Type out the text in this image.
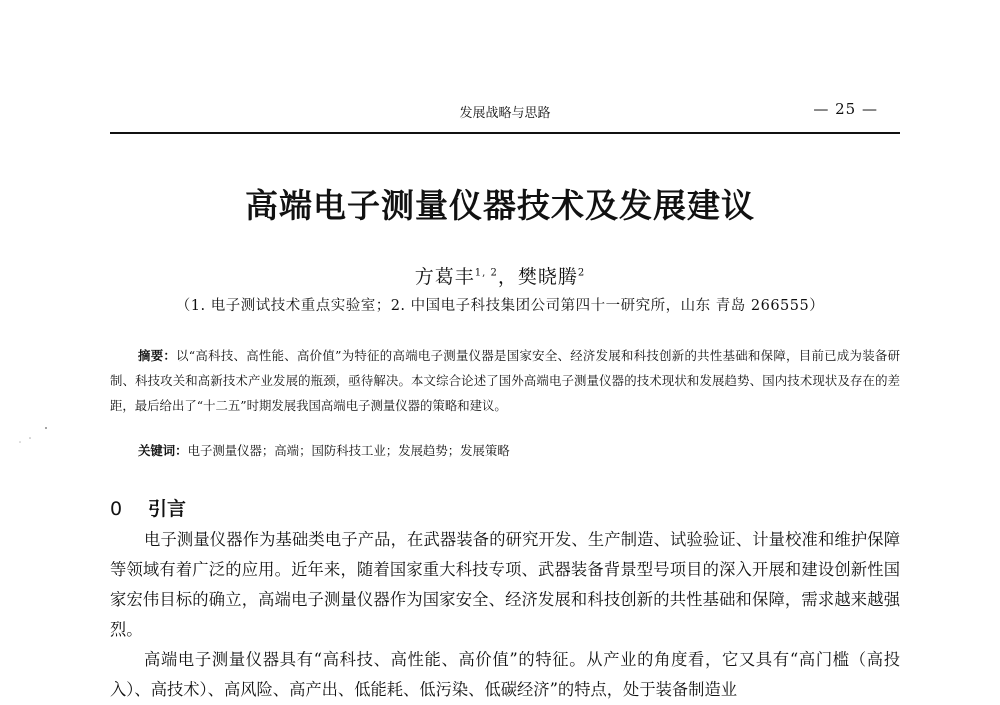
发展战略与思路	— 25 —
高端电子测量仪器技术及发展建议
方葛丰$^{1, 2}$，樊晓腾$^2$
（1. 电子测试技术重点实验室；2. 中国电子科技集团公司第四十一研究所，山东 青岛 266555）

摘要：以“高科技、高性能、高价值”为特征的高端电子测量仪器是国家安全、经济发展和科技创新的共性基础和保障，目前已成为装备研制、科技攻关和高新技术产业发展的瓶颈，亟待解决。本文综合论述了国外高端电子测量仪器的技术现状和发展趋势、国内技术现状及存在的差距，最后给出了“十二五”时期发展我国高端电子测量仪器的策略和建议。

关键词：电子测量仪器；高端；国防科技工业；发展趋势；发展策略

0 引言

电子测量仪器作为基础类电子产品，在武器装备的研究开发、生产制造、试验验证、计量校准和维护保障等领域有着广泛的应用。近年来，随着国家重大科技专项、武器装备背景型号项目的深入开展和建设创新性国家宏伟目标的确立，高端电子测量仪器作为国家安全、经济发展和科技创新的共性基础和保障，需求越来越强烈。

高端电子测量仪器具有“高科技、高性能、高价值”的特征。从产业的角度看，它又具有“高门槛（高投入）、高技术）、高风险、高产出、低能耗、低污染、低碳经济”的特点，处于装备制造业
